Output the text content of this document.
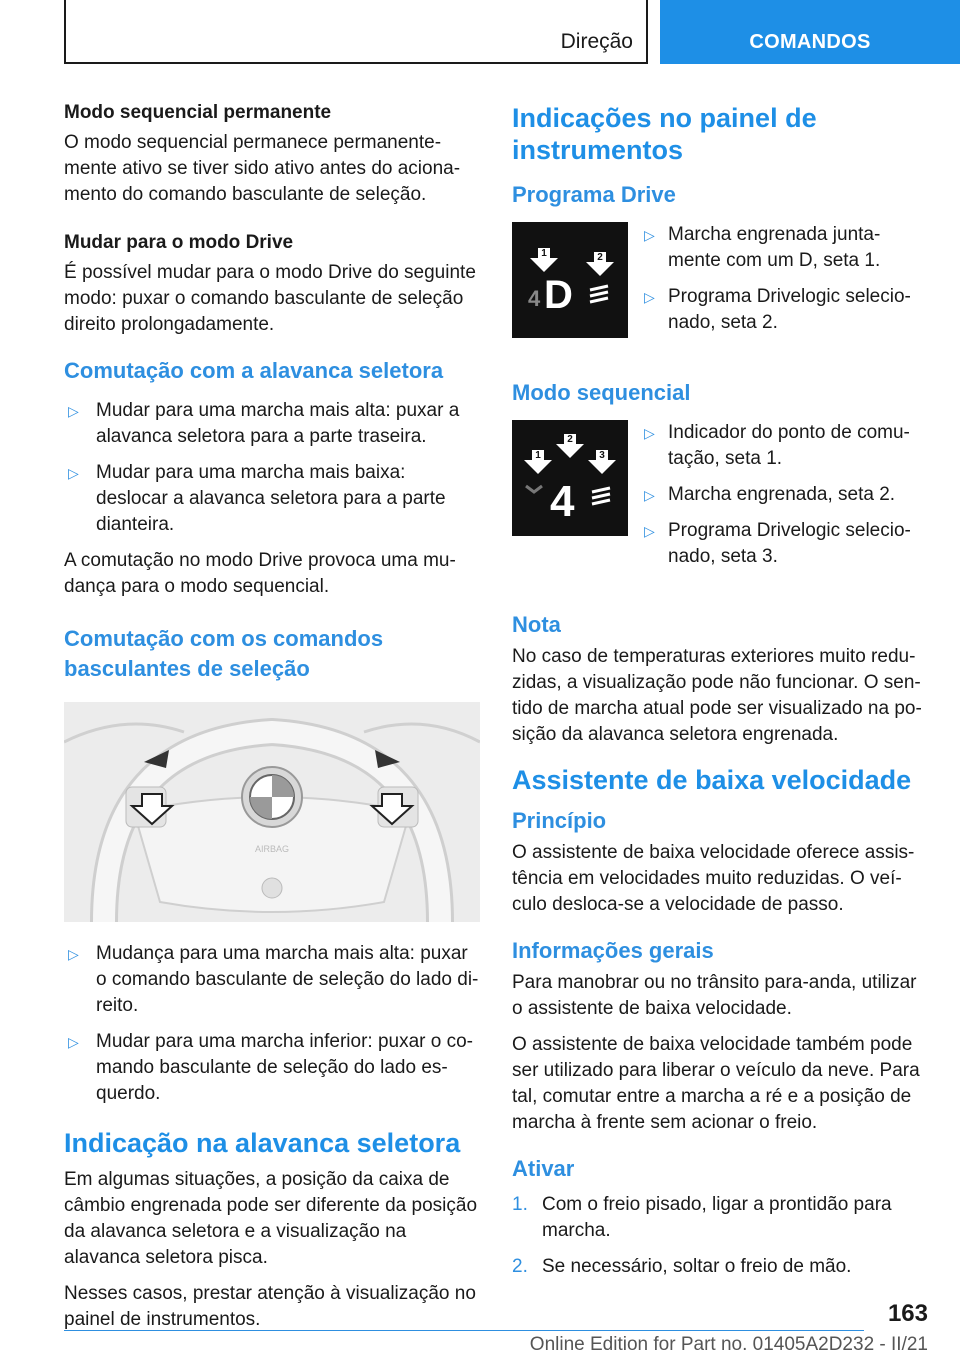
Direção	COMANDOS
Modo sequencial permanente

O modo sequencial permanece permanente-mente ativo se tiver sido ativo antes do aciona-mento do comando basculante de seleção.

Mudar para o modo Drive

É possível mudar para o modo Drive do seguinte modo: puxar o comando basculante de seleção direito prolongadamente.

Comutação com a alavanca seletora
▷ Mudar para uma marcha mais alta: puxar a alavanca seletora para a parte traseira.
▷ Mudar para uma marcha mais baixa: deslocar a alavanca seletora para a parte dianteira.

A comutação no modo Drive provoca uma mu-dança para o modo sequencial.

Comutação com os comandos basculantes de seleção
AIRBAG
▷ Mudança para uma marcha mais alta: puxar o comando basculante de seleção do lado di-reito.
▷ Mudar para uma marcha inferior: puxar o co-mando basculante de seleção do lado es-querdo.
Indicação na alavanca seletora

Em algumas situações, a posição da caixa de câmbio engrenada pode ser diferente da posição da alavanca seletora e a visualização na alavanca seletora pisca.

Nesses casos, prestar atenção à visualização no painel de instrumentos.

Indicações no painel de instrumentos
Programa Drive
1	2
4 D
▷ Marcha engrenada junta-mente com um D, seta 1.
▷ Programa Drivelogic selecio-nado, seta 2.
Modo sequencial
1
2
3
4
▷ Indicador do ponto de comu-tação, seta 1.
▷ Marcha engrenada, seta 2.
▷ Programa Drivelogic selecio-nado, seta 3.
Nota

No caso de temperaturas exteriores muito redu-zidas, a visualização pode não funcionar. O sen-tido de marcha atual pode ser visualizado na po-sição da alavanca seletora engrenada.

Assistente de baixa velocidade
Princípio

O assistente de baixa velocidade oferece assis-tência em velocidades muito reduzidas. O veí-culo desloca-se a velocidade de passo.

Informações gerais

Para manobrar ou no trânsito para-anda, utilizar o assistente de baixa velocidade.

O assistente de baixa velocidade também pode ser utilizado para liberar o veículo da neve. Para tal, comutar entre a marcha a ré e a posição de marcha à frente sem acionar o freio.

Ativar
1. Com o freio pisado, ligar a prontidão para marcha.
2. Se necessário, soltar o freio de mão.
163
Online Edition for Part no. 01405A2D232 - II/21
